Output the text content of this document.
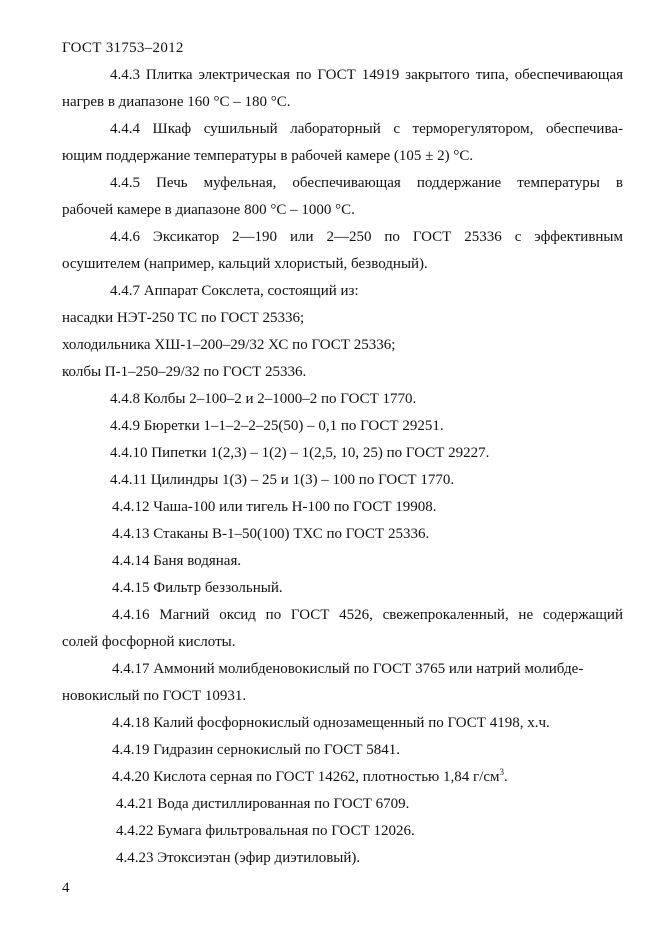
ГОСТ 31753–2012
4.4.3 Плитка электрическая по ГОСТ 14919 закрытого типа, обеспечивающая
нагрев в диапазоне 160 °С – 180 °С.
4.4.4 Шкаф сушильный лабораторный с терморегулятором, обеспечива-
ющим поддержание температуры в рабочей камере (105 ± 2) °С.
4.4.5 Печь муфельная, обеспечивающая поддержание температуры в
рабочей камере в диапазоне 800 °С – 1000 °С.
4.4.6 Эксикатор 2—190 или 2—250 по ГОСТ 25336 с эффективным
осушителем (например, кальций хлористый, безводный).
4.4.7 Аппарат Сокслета, состоящий из:
насадки НЭТ-250 ТС по ГОСТ 25336;
холодильника ХШ-1–200–29/32 ХС по ГОСТ 25336;
колбы П-1–250–29/32 по ГОСТ 25336.
4.4.8 Колбы 2–100–2 и 2–1000–2 по ГОСТ 1770.
4.4.9 Бюретки 1–1–2–2–25(50) – 0,1 по ГОСТ 29251.
4.4.10 Пипетки 1(2,3) – 1(2) – 1(2,5, 10, 25) по ГОСТ 29227.
4.4.11 Цилиндры 1(3) – 25 и 1(3) – 100 по ГОСТ 1770.
4.4.12 Чаша-100 или тигель Н-100 по ГОСТ 19908.
4.4.13 Стаканы В-1–50(100) ТХС по ГОСТ 25336.
4.4.14 Баня водяная.
4.4.15 Фильтр беззольный.
4.4.16 Магний оксид по ГОСТ 4526, свежепрокаленный, не содержащий
солей фосфорной кислоты.
4.4.17 Аммоний молибденовокислый по ГОСТ 3765 или натрий молибде-
новокислый по ГОСТ 10931.
4.4.18 Калий фосфорнокислый однозамещенный по ГОСТ 4198, х.ч.
4.4.19 Гидразин сернокислый по ГОСТ 5841.
4.4.20 Кислота серная по ГОСТ 14262, плотностью 1,84 $г/см^3$.
4.4.21 Вода дистиллированная по ГОСТ 6709.
4.4.22 Бумага фильтровальная по ГОСТ 12026.
4.4.23 Этоксиэтан (эфир диэтиловый).
4
